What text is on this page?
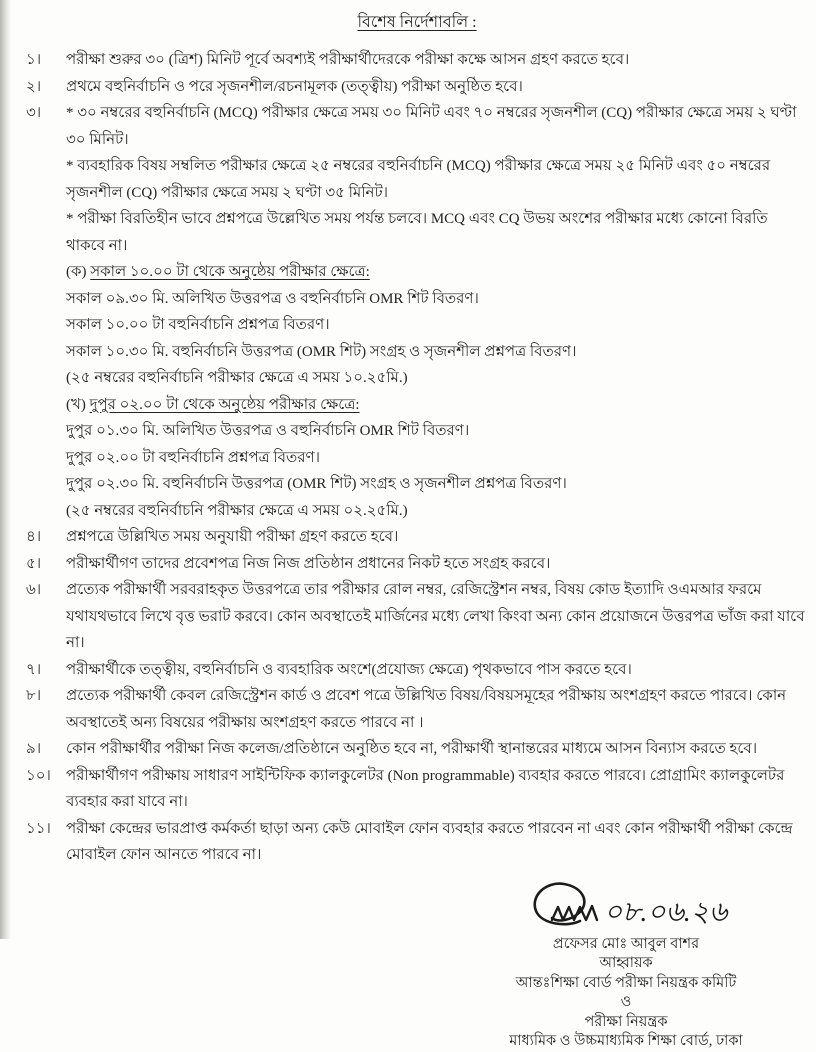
বিশেষ নির্দেশাবলি :
১।	পরীক্ষা শুরুর ৩০ (ত্রিশ) মিনিট পূর্বে অবশ্যই পরীক্ষার্থীদেরকে পরীক্ষা কক্ষে আসন গ্রহণ করতে হবে।
২।	প্রথমে বহুনির্বাচনি ও পরে সৃজনশীল/রচনামূলক (তত্ত্বীয়) পরীক্ষা অনুষ্ঠিত হবে।
৩।	* ৩০ নম্বরের বহুনির্বাচনি (MCQ) পরীক্ষার ক্ষেত্রে সময় ৩০ মিনিট এবং ৭০ নম্বরের সৃজনশীল (CQ) পরীক্ষার ক্ষেত্রে সময় ২ ঘণ্টা ৩০ মিনিট।
* ব্যবহারিক বিষয় সম্বলিত পরীক্ষার ক্ষেত্রে ২৫ নম্বরের বহুনির্বাচনি (MCQ) পরীক্ষার ক্ষেত্রে সময় ২৫ মিনিট এবং ৫০ নম্বরের সৃজনশীল (CQ) পরীক্ষার ক্ষেত্রে সময় ২ ঘণ্টা ৩৫ মিনিট।
* পরীক্ষা বিরতিহীন ভাবে প্রশ্নপত্রে উল্লেখিত সময় পর্যন্ত চলবে। MCQ এবং CQ উভয় অংশের পরীক্ষার মধ্যে কোনো বিরতি থাকবে না।
(ক) সকাল ১০.০০ টা থেকে অনুষ্ঠেয় পরীক্ষার ক্ষেত্রে:
সকাল ০৯.৩০ মি. অলিখিত উত্তরপত্র ও বহুনির্বাচনি OMR শিট বিতরণ।
সকাল ১০.০০ টা বহুনির্বাচনি প্রশ্নপত্র বিতরণ।
সকাল ১০.৩০ মি. বহুনির্বাচনি উত্তরপত্র (OMR শিট) সংগ্রহ ও সৃজনশীল প্রশ্নপত্র বিতরণ।
(২৫ নম্বরের বহুনির্বাচনি পরীক্ষার ক্ষেত্রে এ সময় ১০.২৫মি.)
(খ) দুপুর ০২.০০ টা থেকে অনুষ্ঠেয় পরীক্ষার ক্ষেত্রে:
দুপুর ০১.৩০ মি. অলিখিত উত্তরপত্র ও বহুনির্বাচনি OMR শিট বিতরণ।
দুপুর ০২.০০ টা বহুনির্বাচনি প্রশ্নপত্র বিতরণ।
দুপুর ০২.৩০ মি. বহুনির্বাচনি উত্তরপত্র (OMR শিট) সংগ্রহ ও সৃজনশীল প্রশ্নপত্র বিতরণ।
(২৫ নম্বরের বহুনির্বাচনি পরীক্ষার ক্ষেত্রে এ সময় ০২.২৫মি.)
৪।	প্রশ্নপত্রে উল্লিখিত সময় অনুযায়ী পরীক্ষা গ্রহণ করতে হবে।
৫।	পরীক্ষার্থীগণ তাদের প্রবেশপত্র নিজ নিজ প্রতিষ্ঠান প্রধানের নিকট হতে সংগ্রহ করবে।
৬।	প্রত্যেক পরীক্ষার্থী সরবরাহকৃত উত্তরপত্রে তার পরীক্ষার রোল নম্বর, রেজিস্ট্রেশন নম্বর, বিষয় কোড ইত্যাদি ওএমআর ফরমে যথাযথভাবে লিখে বৃত্ত ভরাট করবে। কোন অবস্থাতেই মার্জিনের মধ্যে লেখা কিংবা অন্য কোন প্রয়োজনে উত্তরপত্র ভাঁজ করা যাবে না।
৭।	পরীক্ষার্থীকে তত্ত্বীয়, বহুনির্বাচনি ও ব্যবহারিক অংশে(প্রযোজ্য ক্ষেত্রে) পৃথকভাবে পাস করতে হবে।
৮।	প্রত্যেক পরীক্ষার্থী কেবল রেজিস্ট্রেশন কার্ড ও প্রবেশ পত্রে উল্লিখিত বিষয়/বিষয়সমূহের পরীক্ষায় অংশগ্রহণ করতে পারবে। কোন অবস্থাতেই অন্য বিষয়ের পরীক্ষায় অংশগ্রহণ করতে পারবে না ।
৯।	কোন পরীক্ষার্থীর পরীক্ষা নিজ কলেজ/প্রতিষ্ঠানে অনুষ্ঠিত হবে না, পরীক্ষার্থী স্থানান্তরের মাধ্যমে আসন বিন্যাস করতে হবে।
১০।	পরীক্ষার্থীগণ পরীক্ষায় সাধারণ সাইন্টিফিক ক্যালকুলেটর (Non programmable) ব্যবহার করতে পারবে। প্রোগ্রামিং ক্যালকুলেটর ব্যবহার করা যাবে না।
১১।	পরীক্ষা কেন্দ্রের ভারপ্রাপ্ত কর্মকর্তা ছাড়া অন্য কেউ মোবাইল ফোন ব্যবহার করতে পারবেন না এবং কোন পরীক্ষার্থী পরীক্ষা কেন্দ্রে মোবাইল ফোন আনতে পারবে না।
০৮.০৬.২৬
প্রফেসর মোঃ আবুল বাশর
আহ্বায়ক
আন্তঃশিক্ষা বোর্ড পরীক্ষা নিয়ন্ত্রক কমিটি
ও
পরীক্ষা নিয়ন্ত্রক
মাধ্যমিক ও উচ্চমাধ্যমিক শিক্ষা বোর্ড, ঢাকা
